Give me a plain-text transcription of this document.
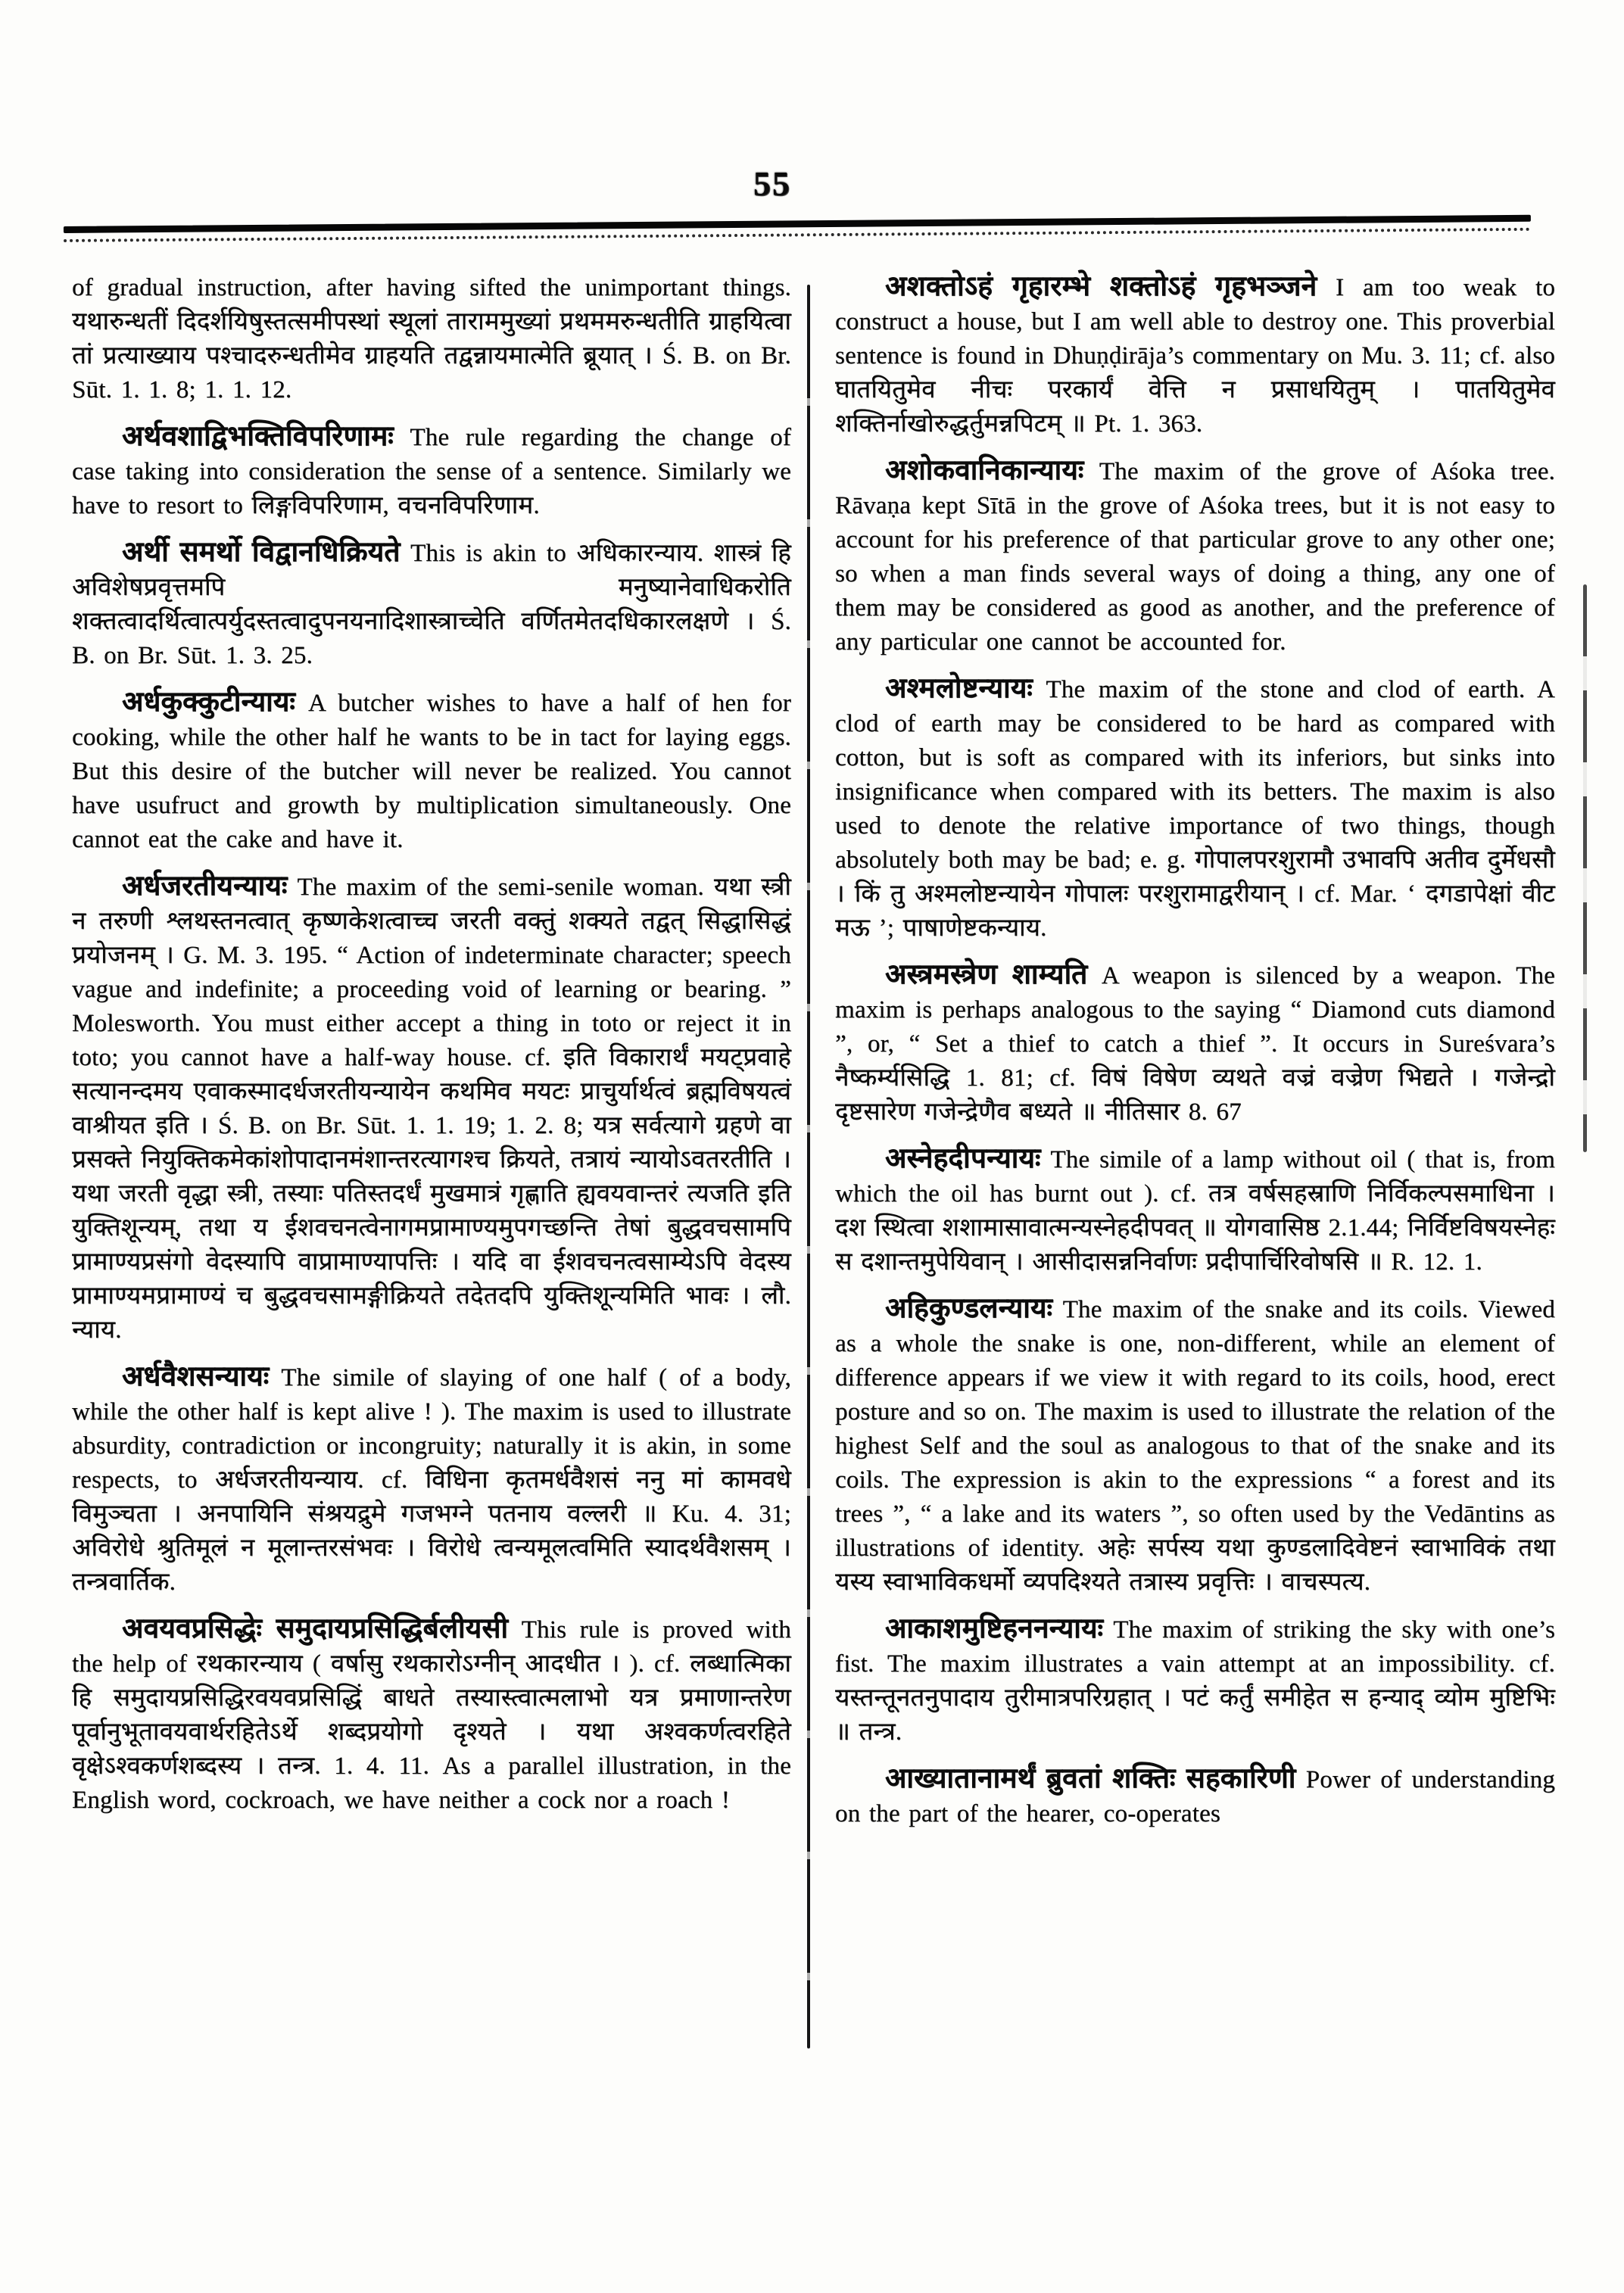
55

of gradual instruction, after having sifted the unimportant things. यथारुन्धतीं दिदर्शयिषुस्तत्समीपस्थां स्थूलां ताराममुख्यां प्रथममरुन्धतीति ग्राहयित्वा तां प्रत्याख्याय पश्चादरुन्धतीमेव ग्राहयति तद्वन्नायमात्मेति ब्रूयात् । Ś. B. on Br. Sūt. 1. 1. 8; 1. 1. 12.

अर्थवशाद्विभक्तिविपरिणामः The rule regarding the change of case taking into consideration the sense of a sentence. Similarly we have to resort to लिङ्गविपरिणाम, वचनविपरिणाम.

अर्थी समर्थो विद्वानधिक्रियते This is akin to अधिकारन्याय. शास्त्रं हि अविशेषप्रवृत्तमपि मनुष्यानेवाधिकरोति शक्तत्वादर्थित्वात्पर्युदस्तत्वादुपनयनादिशास्त्राच्चेति वर्णितमेतदधिकारलक्षणे । Ś. B. on Br. Sūt. 1. 3. 25.

अर्धकुक्कुटीन्यायः A butcher wishes to have a half of hen for cooking, while the other half he wants to be in tact for laying eggs. But this desire of the butcher will never be realized. You cannot have usufruct and growth by multiplication simultaneously. One cannot eat the cake and have it.

अर्धजरतीयन्यायः The maxim of the semi-senile woman. यथा स्त्री न तरुणी श्लथस्तनत्वात् कृष्णकेशत्वाच्च जरती वक्तुं शक्यते तद्वत् सिद्धासिद्धं प्रयोजनम् । G. M. 3. 195. “ Action of indeterminate character; speech vague and indefinite; a proceeding void of learning or bearing. ” Molesworth. You must either accept a thing in toto or reject it in toto; you cannot have a half-way house. cf. इति विकारार्थं मयट्प्रवाहे सत्यानन्दमय एवाकस्मादर्धजरतीयन्यायेन कथमिव मयटः प्राचुर्यार्थत्वं ब्रह्मविषयत्वं वाश्रीयत इति । Ś. B. on Br. Sūt. 1. 1. 19; 1. 2. 8; यत्र सर्वत्यागे ग्रहणे वा प्रसक्ते नियुक्तिकमेकांशोपादानमंशान्तरत्यागश्च क्रियते, तत्रायं न्यायोऽवतरतीति । यथा जरती वृद्धा स्त्री, तस्याः पतिस्तदर्धं मुखमात्रं गृह्णाति ह्यवयवान्तरं त्यजति इति युक्तिशून्यम्, तथा य ईशवचनत्वेनागमप्रामाण्यमुपगच्छन्ति तेषां बुद्धवचसामपि प्रामाण्यप्रसंगो वेदस्यापि वाप्रामाण्यापत्तिः । यदि वा ईशवचनत्वसाम्येऽपि वेदस्य प्रामाण्यमप्रामाण्यं च बुद्धवचसामङ्गीक्रियते तदेतदपि युक्तिशून्यमिति भावः । लौ. न्याय.

अर्धवैशसन्यायः The simile of slaying of one half ( of a body, while the other half is kept alive ! ). The maxim is used to illustrate absurdity, contradiction or incongruity; naturally it is akin, in some respects, to अर्धजरतीयन्याय. cf. विधिना कृतमर्धवैशसं ननु मां कामवधे विमुञ्चता । अनपायिनि संश्रयद्रुमे गजभग्ने पतनाय वल्लरी ॥ Ku. 4. 31; अविरोधे श्रुतिमूलं न मूलान्तरसंभवः । विरोधे त्वन्यमूलत्वमिति स्यादर्थवैशसम् । तन्त्रवार्तिक.

अवयवप्रसिद्धेः समुदायप्रसिद्धिर्बलीयसी This rule is proved with the help of रथकारन्याय ( वर्षासु रथकारोऽग्नीन् आदधीत । ). cf. लब्धात्मिका हि समुदायप्रसिद्धिरवयवप्रसिद्धिं बाधते तस्यास्त्वात्मलाभो यत्र प्रमाणान्तरेण पूर्वानुभूतावयवार्थरहितेऽर्थे शब्दप्रयोगो दृश्यते । यथा अश्वकर्णत्वरहिते वृक्षेऽश्वकर्णशब्दस्य । तन्त्र. 1. 4. 11. As a parallel illustration, in the English word, cockroach, we have neither a cock nor a roach !

अशक्तोऽहं गृहारम्भे शक्तोऽहं गृहभञ्जने I am too weak to construct a house, but I am well able to destroy one. This proverbial sentence is found in Dhuṇḍirāja’s commentary on Mu. 3. 11; cf. also घातयितुमेव नीचः परकार्यं वेत्ति न प्रसाधयितुम् । पातयितुमेव शक्तिर्नाखोरुद्धर्तुमन्नपिटम् ॥ Pt. 1. 363.

अशोकवानिकान्यायः The maxim of the grove of Aśoka tree. Rāvaṇa kept Sītā in the grove of Aśoka trees, but it is not easy to account for his preference of that particular grove to any other one; so when a man finds several ways of doing a thing, any one of them may be considered as good as another, and the preference of any particular one cannot be accounted for.

अश्मलोष्टन्यायः The maxim of the stone and clod of earth. A clod of earth may be considered to be hard as compared with cotton, but is soft as compared with its inferiors, but sinks into insignificance when compared with its betters. The maxim is also used to denote the relative importance of two things, though absolutely both may be bad; e. g. गोपालपरशुरामौ उभावपि अतीव दुर्मेधसौ । किं तु अश्मलोष्टन्यायेन गोपालः परशुरामाद्वरीयान् । cf. Mar. ‘ दगडापेक्षां वीट मऊ ’; पाषाणेष्टकन्याय.

अस्त्रमस्त्रेण शाम्यति A weapon is silenced by a weapon. The maxim is perhaps analogous to the saying “ Diamond cuts diamond ”, or, “ Set a thief to catch a thief ”. It occurs in Sureśvara’s नैष्कर्म्यसिद्धि 1. 81; cf. विषं विषेण व्यथते वज्रं वज्रेण भिद्यते । गजेन्द्रो दृष्टसारेण गजेन्द्रेणैव बध्यते ॥ नीतिसार 8. 67

अस्नेहदीपन्यायः The simile of a lamp without oil ( that is, from which the oil has burnt out ). cf. तत्र वर्षसहस्राणि निर्विकल्पसमाधिना । दश स्थित्वा शशामासावात्मन्यस्नेहदीपवत् ॥ योगवासिष्ठ 2.1.44; निर्विष्टविषयस्नेहः स दशान्तमुपेयिवान् । आसीदासन्ननिर्वाणः प्रदीपार्चिरिवोषसि ॥ R. 12. 1.

अहिकुण्डलन्यायः The maxim of the snake and its coils. Viewed as a whole the snake is one, non-different, while an element of difference appears if we view it with regard to its coils, hood, erect posture and so on. The maxim is used to illustrate the relation of the highest Self and the soul as analogous to that of the snake and its coils. The expression is akin to the expressions “ a forest and its trees ”, “ a lake and its waters ”, so often used by the Vedāntins as illustrations of identity. अहेः सर्पस्य यथा कुण्डलादिवेष्टनं स्वाभाविकं तथा यस्य स्वाभाविकधर्मो व्यपदिश्यते तत्रास्य प्रवृत्तिः । वाचस्पत्य.

आकाशमुष्टिहननन्यायः The maxim of striking the sky with one’s fist. The maxim illustrates a vain attempt at an impossibility. cf. यस्तन्तूनतनुपादाय तुरीमात्रपरिग्रहात् । पटं कर्तुं समीहेत स हन्याद् व्योम मुष्टिभिः ॥ तन्त्र.

आख्यातानामर्थं ब्रुवतां शक्तिः सहकारिणी Power of understanding on the part of the hearer, co-operates
